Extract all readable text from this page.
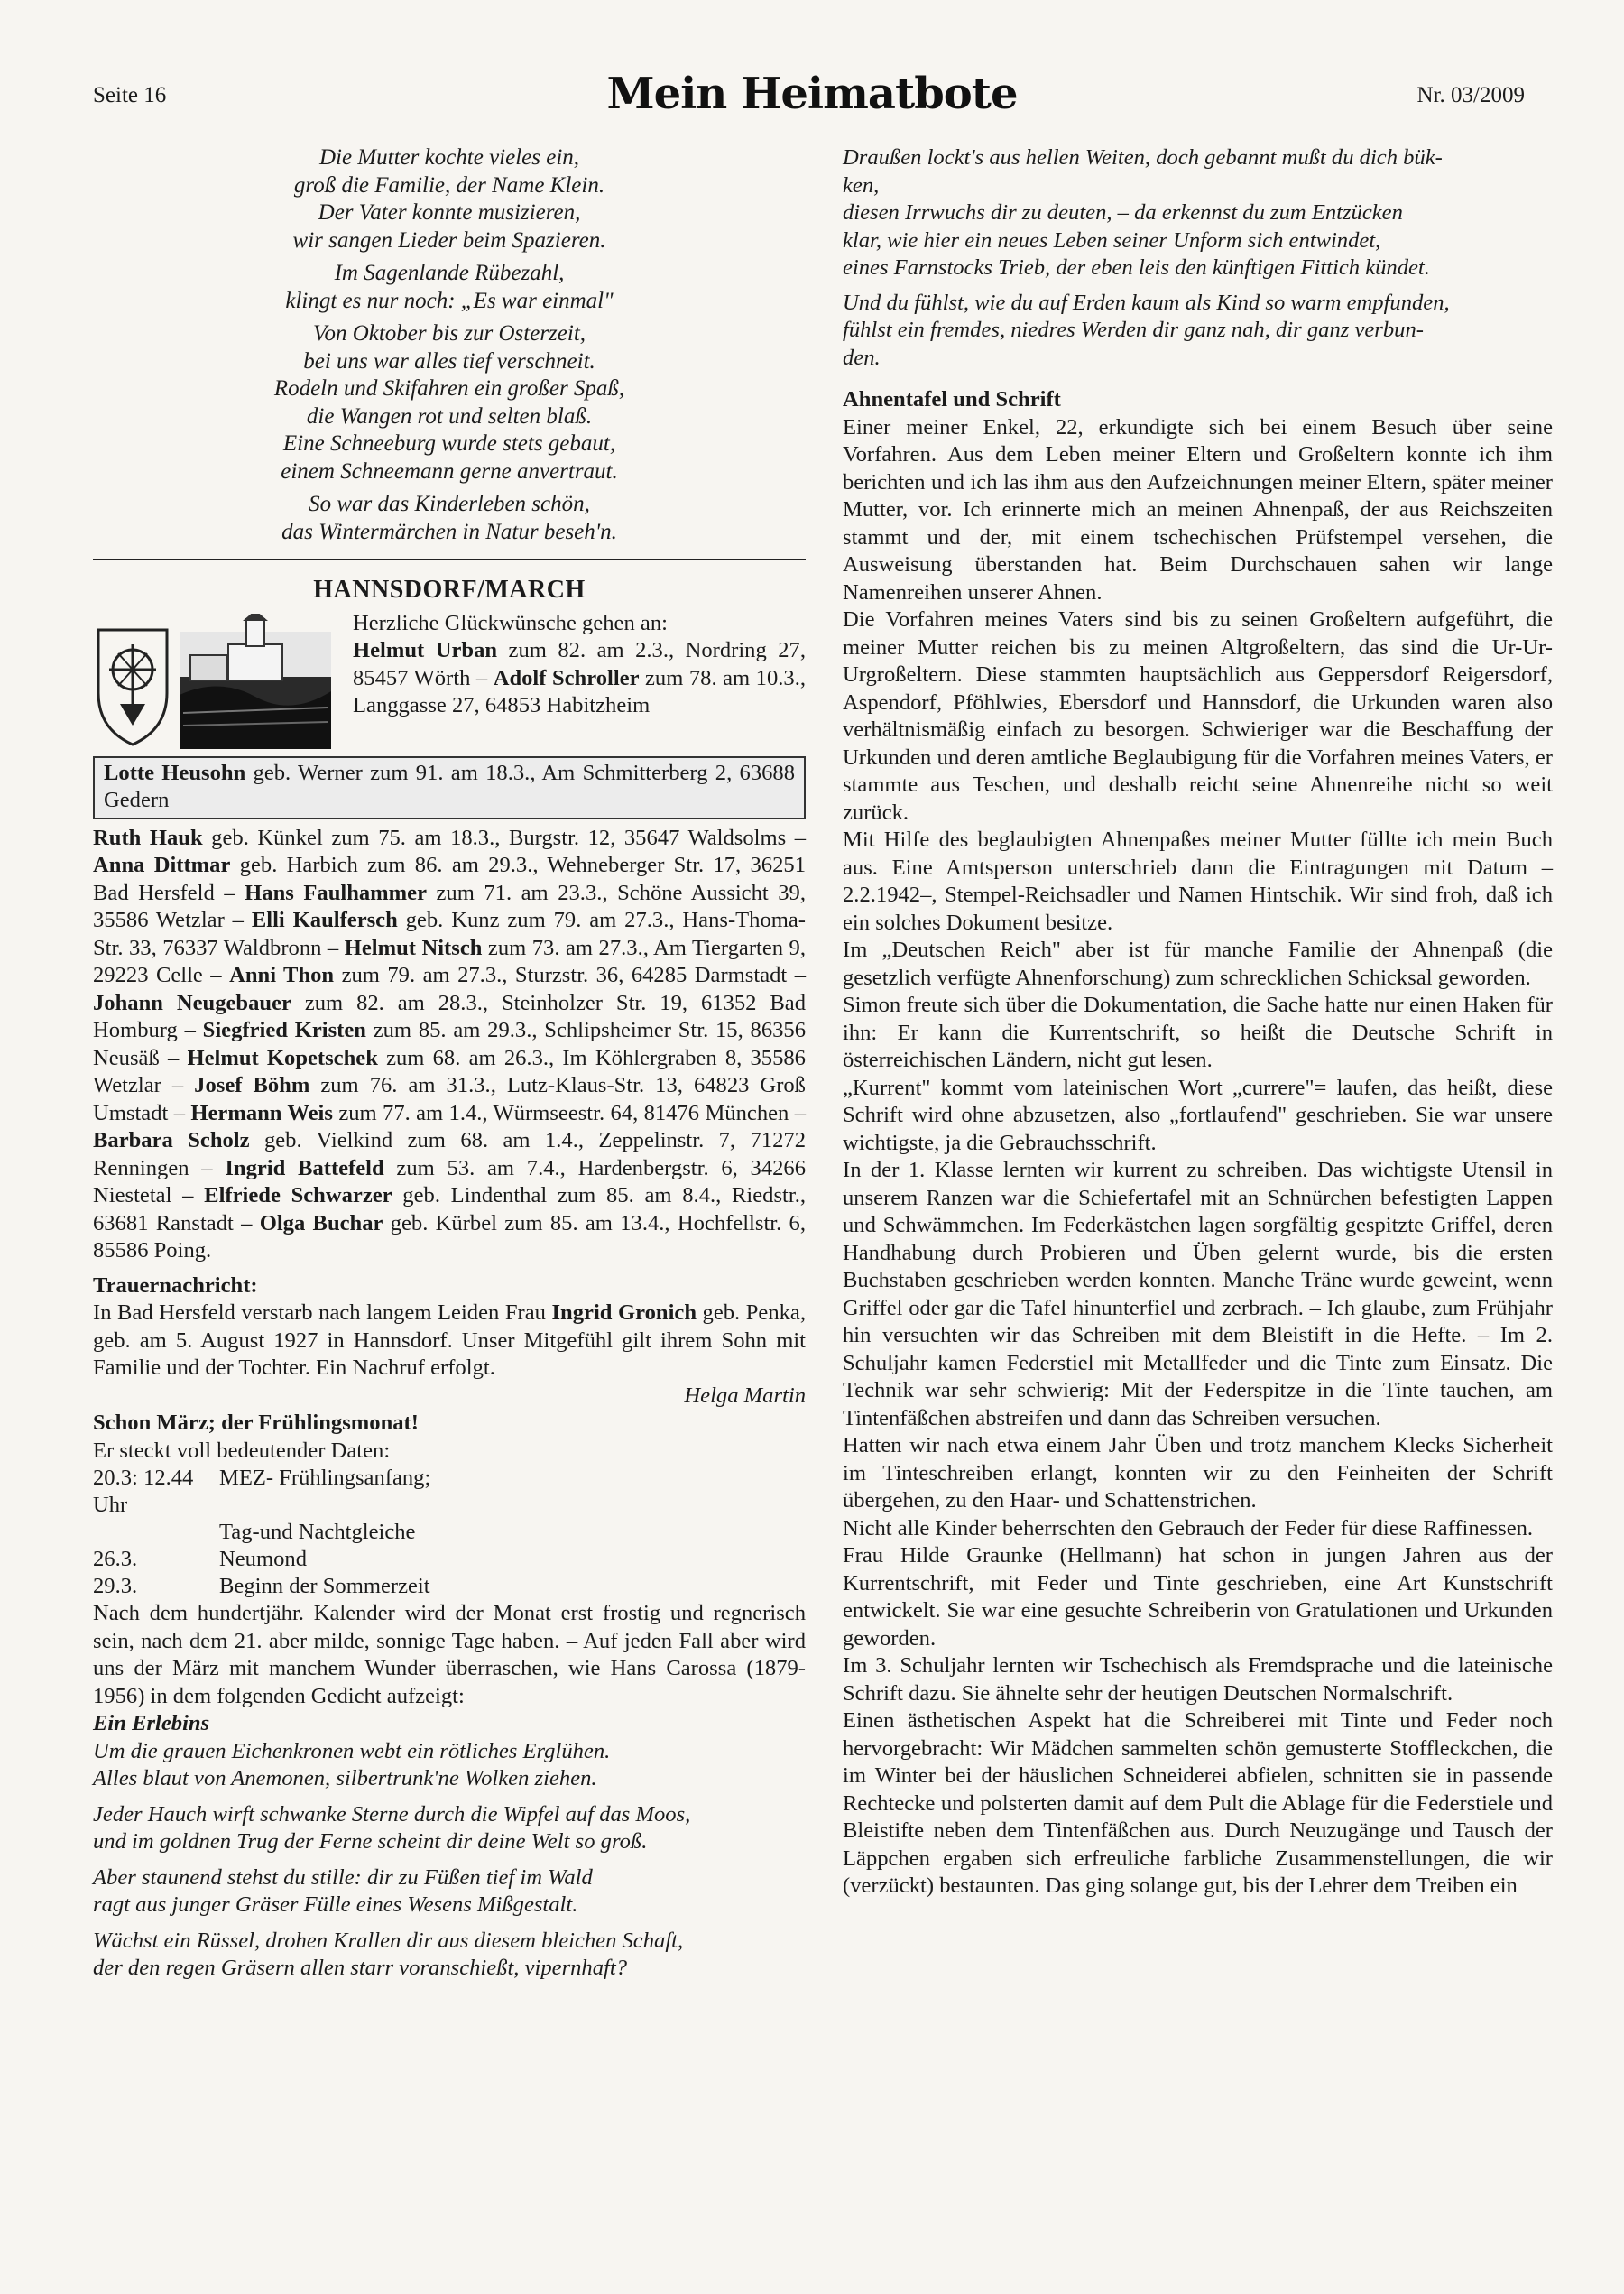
Seite 16	Mein Heimatbote	Nr. 03/2009
Die Mutter kochte vieles ein,
groß die Familie, der Name Klein.
Der Vater konnte musizieren,
wir sangen Lieder beim Spazieren.
Im Sagenlande Rübezahl,
klingt es nur noch: „Es war einmal"
Von Oktober bis zur Osterzeit,
bei uns war alles tief verschneit.
Rodeln und Skifahren ein großer Spaß,
die Wangen rot und selten blaß.
Eine Schneeburg wurde stets gebaut,
einem Schneemann gerne anvertraut.
So war das Kinderleben schön,
das Wintermärchen in Natur beseh'n.
HANNSDORF/MARCH
Herzliche Glückwünsche gehen an:
Helmut Urban zum 82. am 2.3., Nordring 27, 85457 Wörth – Adolf Schroller zum 78. am 10.3., Langgasse 27, 64853 Habitzheim
Lotte Heusohn geb. Werner zum 91. am 18.3., Am Schmitterberg 2, 63688 Gedern
Ruth Hauk geb. Künkel zum 75. am 18.3., Burgstr. 12, 35647 Waldsolms – Anna Dittmar geb. Harbich zum 86. am 29.3., Wehneberger Str. 17, 36251 Bad Hersfeld – Hans Faulhammer zum 71. am 23.3., Schöne Aussicht 39, 35586 Wetzlar – Elli Kaulfersch geb. Kunz zum 79. am 27.3., Hans-Thoma-Str. 33, 76337 Waldbronn – Helmut Nitsch zum 73. am 27.3., Am Tiergarten 9, 29223 Celle – Anni Thon zum 79. am 27.3., Sturzstr. 36, 64285 Darmstadt – Johann Neugebauer zum 82. am 28.3., Steinholzer Str. 19, 61352 Bad Homburg – Siegfried Kristen zum 85. am 29.3., Schlipsheimer Str. 15, 86356 Neusäß – Helmut Kopetschek zum 68. am 26.3., Im Köhlergraben 8, 35586 Wetzlar – Josef Böhm zum 76. am 31.3., Lutz-Klaus-Str. 13, 64823 Groß Umstadt – Hermann Weis zum 77. am 1.4., Würmseestr. 64, 81476 München – Barbara Scholz geb. Vielkind zum 68. am 1.4., Zeppelinstr. 7, 71272 Renningen – Ingrid Battefeld zum 53. am 7.4., Hardenbergstr. 6, 34266 Niestetal – Elfriede Schwarzer geb. Lindenthal zum 85. am 8.4., Riedstr., 63681 Ranstadt – Olga Buchar geb. Kürbel zum 85. am 13.4., Hochfellstr. 6, 85586 Poing.
Trauernachricht:
In Bad Hersfeld verstarb nach langem Leiden Frau Ingrid Gronich geb. Penka, geb. am 5. August 1927 in Hannsdorf. Unser Mitgefühl gilt ihrem Sohn mit Familie und der Tochter. Ein Nachruf erfolgt.
Helga Martin
Schon März; der Frühlingsmonat!
Er steckt voll bedeutender Daten:
20.3: 12.44 Uhr	MEZ- Frühlingsanfang;
	Tag-und Nachtgleiche
26.3.	Neumond
29.3.	Beginn der Sommerzeit
Nach dem hundertjähr. Kalender wird der Monat erst frostig und regnerisch sein, nach dem 21. aber milde, sonnige Tage haben. – Auf jeden Fall aber wird uns der März mit manchem Wunder überraschen, wie Hans Carossa (1879-1956) in dem folgenden Gedicht aufzeigt:
Ein Erlebins
Um die grauen Eichenkronen webt ein rötliches Erglühen.
Alles blaut von Anemonen, silbertrunk'ne Wolken ziehen.
Jeder Hauch wirft schwanke Sterne durch die Wipfel auf das Moos,
und im goldnen Trug der Ferne scheint dir deine Welt so groß.
Aber staunend stehst du stille: dir zu Füßen tief im Wald
ragt aus junger Gräser Fülle eines Wesens Mißgestalt.
Wächst ein Rüssel, drohen Krallen dir aus diesem bleichen Schaft,
der den regen Gräsern allen starr voranschießt, vipernhaft?
Draußen lockt's aus hellen Weiten, doch gebannt mußt du dich bük-
ken,
diesen Irrwuchs dir zu deuten, – da erkennst du zum Entzücken
klar, wie hier ein neues Leben seiner Unform sich entwindet,
eines Farnstocks Trieb, der eben leis den künftigen Fittich kündet.
Und du fühlst, wie du auf Erden kaum als Kind so warm empfunden,
fühlst ein fremdes, niedres Werden dir ganz nah, dir ganz verbun-
den.
Ahnentafel und Schrift

Einer meiner Enkel, 22, erkundigte sich bei einem Besuch über seine Vorfahren. Aus dem Leben meiner Eltern und Großeltern konnte ich ihm berichten und ich las ihm aus den Aufzeichnungen meiner Eltern, später meiner Mutter, vor. Ich erinnerte mich an meinen Ahnenpaß, der aus Reichszeiten stammt und der, mit einem tschechischen Prüfstempel versehen, die Ausweisung überstanden hat. Beim Durchschauen sahen wir lange Namenreihen unserer Ahnen.

Die Vorfahren meines Vaters sind bis zu seinen Großeltern aufgeführt, die meiner Mutter reichen bis zu meinen Altgroßeltern, das sind die Ur-Ur-Urgroßeltern. Diese stammten hauptsächlich aus Geppersdorf Reigersdorf, Aspendorf, Pföhlwies, Ebersdorf und Hannsdorf, die Urkunden waren also verhältnismäßig einfach zu besorgen. Schwieriger war die Beschaffung der Urkunden und deren amtliche Beglaubigung für die Vorfahren meines Vaters, er stammte aus Teschen, und deshalb reicht seine Ahnenreihe nicht so weit zurück.

Mit Hilfe des beglaubigten Ahnenpaßes meiner Mutter füllte ich mein Buch aus. Eine Amtsperson unterschrieb dann die Eintragungen mit Datum – 2.2.1942–, Stempel-Reichsadler und Namen Hintschik. Wir sind froh, daß ich ein solches Dokument besitze.

Im „Deutschen Reich" aber ist für manche Familie der Ahnenpaß (die gesetzlich verfügte Ahnenforschung) zum schrecklichen Schicksal geworden.

Simon freute sich über die Dokumentation, die Sache hatte nur einen Haken für ihn: Er kann die Kurrentschrift, so heißt die Deutsche Schrift in österreichischen Ländern, nicht gut lesen.

„Kurrent" kommt vom lateinischen Wort „currere"= laufen, das heißt, diese Schrift wird ohne abzusetzen, also „fortlaufend" geschrieben. Sie war unsere wichtigste, ja die Gebrauchsschrift.

In der 1. Klasse lernten wir kurrent zu schreiben. Das wichtigste Utensil in unserem Ranzen war die Schiefertafel mit an Schnürchen befestigten Lappen und Schwämmchen. Im Federkästchen lagen sorgfältig gespitzte Griffel, deren Handhabung durch Probieren und Üben gelernt wurde, bis die ersten Buchstaben geschrieben werden konnten. Manche Träne wurde geweint, wenn Griffel oder gar die Tafel hinunterfiel und zerbrach. – Ich glaube, zum Frühjahr hin versuchten wir das Schreiben mit dem Bleistift in die Hefte. – Im 2. Schuljahr kamen Federstiel mit Metallfeder und die Tinte zum Einsatz. Die Technik war sehr schwierig: Mit der Federspitze in die Tinte tauchen, am Tintenfäßchen abstreifen und dann das Schreiben versuchen.

Hatten wir nach etwa einem Jahr Üben und trotz manchem Klecks Sicherheit im Tinteschreiben erlangt, konnten wir zu den Feinheiten der Schrift übergehen, zu den Haar- und Schattenstrichen.

Nicht alle Kinder beherrschten den Gebrauch der Feder für diese Raffinessen.

Frau Hilde Graunke (Hellmann) hat schon in jungen Jahren aus der Kurrentschrift, mit Feder und Tinte geschrieben, eine Art Kunstschrift entwickelt. Sie war eine gesuchte Schreiberin von Gratulationen und Urkunden geworden.

Im 3. Schuljahr lernten wir Tschechisch als Fremdsprache und die lateinische Schrift dazu. Sie ähnelte sehr der heutigen Deutschen Normalschrift.

Einen ästhetischen Aspekt hat die Schreiberei mit Tinte und Feder noch hervorgebracht: Wir Mädchen sammelten schön gemusterte Stoffleckchen, die im Winter bei der häuslichen Schneiderei abfielen, schnitten sie in passende Rechtecke und polsterten damit auf dem Pult die Ablage für die Federstiele und Bleistifte neben dem Tintenfäßchen aus. Durch Neuzugänge und Tausch der Läppchen ergaben sich erfreuliche farbliche Zusammenstellungen, die wir (verzückt) bestaunten. Das ging solange gut, bis der Lehrer dem Treiben ein
